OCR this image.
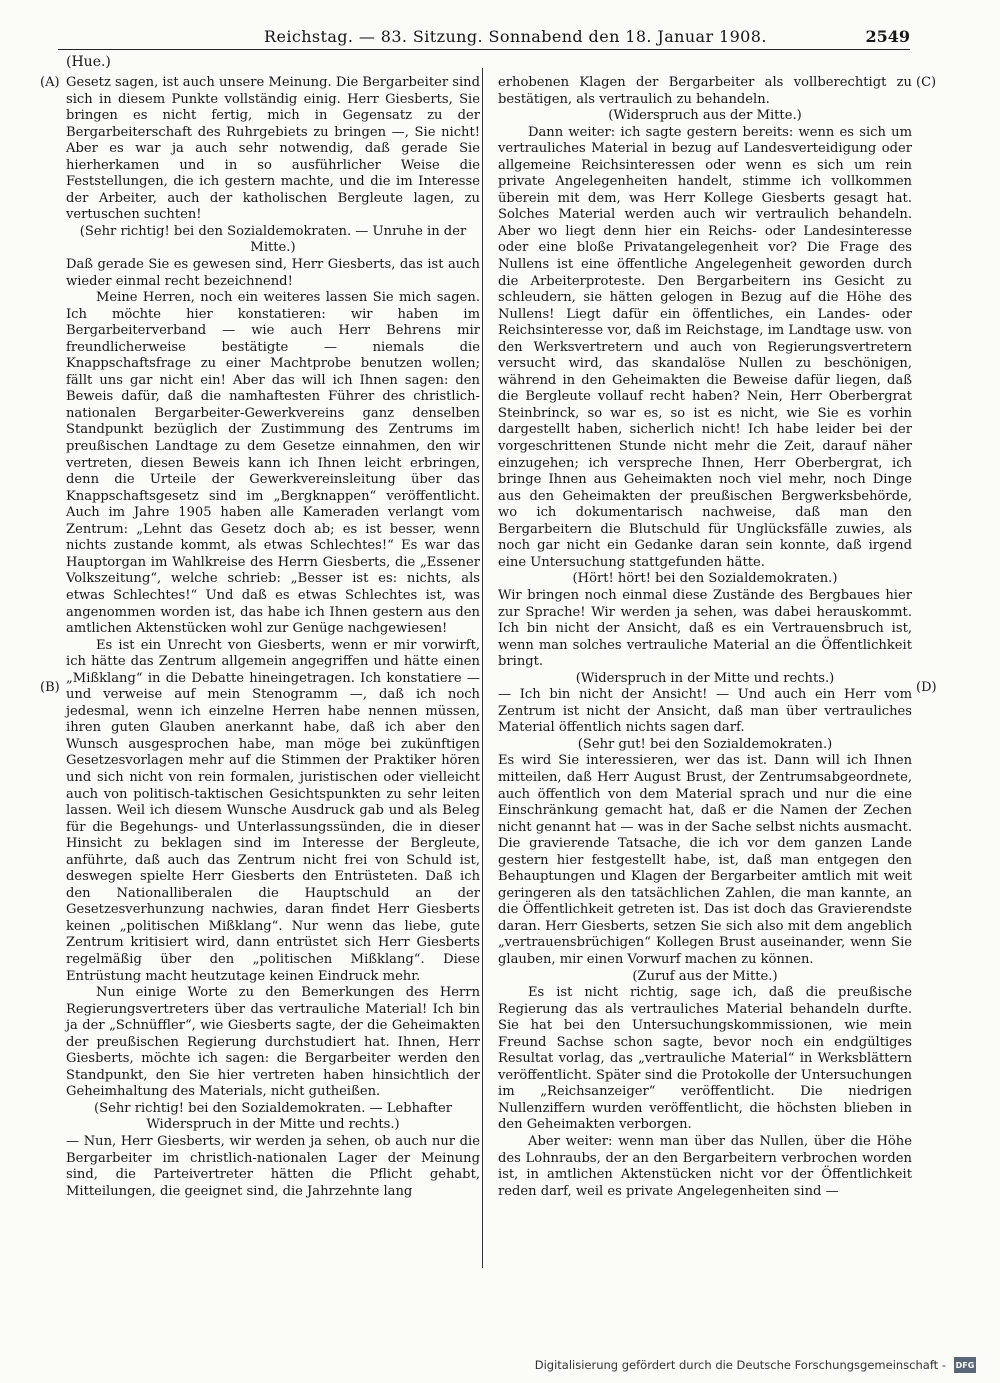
Reichstag. — 83. Sitzung. Sonnabend den 18. Januar 1908.	2549
(Hue.)
(A)
(B)
(C)
(D)

Gesetz sagen, ist auch unsere Meinung. Die Bergarbeiter sind sich in diesem Punkte vollständig einig. Herr Giesberts, Sie bringen es nicht fertig, mich in Gegensatz zu der Bergarbeiterschaft des Ruhrgebiets zu bringen —, Sie nicht! Aber es war ja auch sehr notwendig, daß gerade Sie hierherkamen und in so ausführlicher Weise die Feststellungen, die ich gestern machte, und die im Interesse der Arbeiter, auch der katholischen Bergleute lagen, zu vertuschen suchten!

(Sehr richtig! bei den Sozialdemokraten. — Unruhe in der Mitte.)

Daß gerade Sie es gewesen sind, Herr Giesberts, das ist auch wieder einmal recht bezeichnend!

Meine Herren, noch ein weiteres lassen Sie mich sagen. Ich möchte hier konstatieren: wir haben im Bergarbeiterverband — wie auch Herr Behrens mir freundlicherweise bestätigte — niemals die Knappschaftsfrage zu einer Machtprobe benutzen wollen; fällt uns gar nicht ein! Aber das will ich Ihnen sagen: den Beweis dafür, daß die namhaftesten Führer des christlich-nationalen Bergarbeiter-Gewerkvereins ganz denselben Standpunkt bezüglich der Zustimmung des Zentrums im preußischen Landtage zu dem Gesetze einnahmen, den wir vertreten, diesen Beweis kann ich Ihnen leicht erbringen, denn die Urteile der Gewerkvereinsleitung über das Knappschaftsgesetz sind im „Bergknappen“ veröffentlicht. Auch im Jahre 1905 haben alle Kameraden verlangt vom Zentrum: „Lehnt das Gesetz doch ab; es ist besser, wenn nichts zustande kommt, als etwas Schlechtes!“ Es war das Hauptorgan im Wahlkreise des Herrn Giesberts, die „Essener Volkszeitung“, welche schrieb: „Besser ist es: nichts, als etwas Schlechtes!“ Und daß es etwas Schlechtes ist, was angenommen worden ist, das habe ich Ihnen gestern aus den amtlichen Aktenstücken wohl zur Genüge nachgewiesen!

Es ist ein Unrecht von Giesberts, wenn er mir vorwirft, ich hätte das Zentrum allgemein angegriffen und hätte einen „Mißklang“ in die Debatte hineingetragen. Ich konstatiere — und verweise auf mein Stenogramm —, daß ich noch jedesmal, wenn ich einzelne Herren habe nennen müssen, ihren guten Glauben anerkannt habe, daß ich aber den Wunsch ausgesprochen habe, man möge bei zukünftigen Gesetzesvorlagen mehr auf die Stimmen der Praktiker hören und sich nicht von rein formalen, juristischen oder vielleicht auch von politisch-taktischen Gesichtspunkten zu sehr leiten lassen. Weil ich diesem Wunsche Ausdruck gab und als Beleg für die Begehungs- und Unterlassungssünden, die in dieser Hinsicht zu beklagen sind im Interesse der Bergleute, anführte, daß auch das Zentrum nicht frei von Schuld ist, deswegen spielte Herr Giesberts den Entrüsteten. Daß ich den Nationalliberalen die Hauptschuld an der Gesetzesverhunzung nachwies, daran findet Herr Giesberts keinen „politischen Mißklang“. Nur wenn das liebe, gute Zentrum kritisiert wird, dann entrüstet sich Herr Giesberts regelmäßig über den „politischen Mißklang“. Diese Entrüstung macht heutzutage keinen Eindruck mehr.

Nun einige Worte zu den Bemerkungen des Herrn Regierungsvertreters über das vertrauliche Material! Ich bin ja der „Schnüffler“, wie Giesberts sagte, der die Geheimakten der preußischen Regierung durchstudiert hat. Ihnen, Herr Giesberts, möchte ich sagen: die Bergarbeiter werden den Standpunkt, den Sie hier vertreten haben hinsichtlich der Geheimhaltung des Materials, nicht gutheißen.

(Sehr richtig! bei den Sozialdemokraten. — Lebhafter Widerspruch in der Mitte und rechts.)

— Nun, Herr Giesberts, wir werden ja sehen, ob auch nur die Bergarbeiter im christlich-nationalen Lager der Meinung sind, die Parteivertreter hätten die Pflicht gehabt, Mitteilungen, die geeignet sind, die Jahrzehnte lang

erhobenen Klagen der Bergarbeiter als vollberechtigt zu bestätigen, als vertraulich zu behandeln.

(Widerspruch aus der Mitte.)

Dann weiter: ich sagte gestern bereits: wenn es sich um vertrauliches Material in bezug auf Landesverteidigung oder allgemeine Reichsinteressen oder wenn es sich um rein private Angelegenheiten handelt, stimme ich vollkommen überein mit dem, was Herr Kollege Giesberts gesagt hat. Solches Material werden auch wir vertraulich behandeln. Aber wo liegt denn hier ein Reichs- oder Landesinteresse oder eine bloße Privatangelegenheit vor? Die Frage des Nullens ist eine öffentliche Angelegenheit geworden durch die Arbeiterproteste. Den Bergarbeitern ins Gesicht zu schleudern, sie hätten gelogen in Bezug auf die Höhe des Nullens! Liegt dafür ein öffentliches, ein Landes- oder Reichsinteresse vor, daß im Reichstage, im Landtage usw. von den Werksvertretern und auch von Regierungsvertretern versucht wird, das skandalöse Nullen zu beschönigen, während in den Geheimakten die Beweise dafür liegen, daß die Bergleute vollauf recht haben? Nein, Herr Oberbergrat Steinbrinck, so war es, so ist es nicht, wie Sie es vorhin dargestellt haben, sicherlich nicht! Ich habe leider bei der vorgeschrittenen Stunde nicht mehr die Zeit, darauf näher einzugehen; ich verspreche Ihnen, Herr Oberbergrat, ich bringe Ihnen aus Geheimakten noch viel mehr, noch Dinge aus den Geheimakten der preußischen Bergwerksbehörde, wo ich dokumentarisch nachweise, daß man den Bergarbeitern die Blutschuld für Unglücksfälle zuwies, als noch gar nicht ein Gedanke daran sein konnte, daß irgend eine Untersuchung stattgefunden hätte.

(Hört! hört! bei den Sozialdemokraten.)

Wir bringen noch einmal diese Zustände des Bergbaues hier zur Sprache! Wir werden ja sehen, was dabei herauskommt. Ich bin nicht der Ansicht, daß es ein Vertrauensbruch ist, wenn man solches vertrauliche Material an die Öffentlichkeit bringt.

(Widerspruch in der Mitte und rechts.)

— Ich bin nicht der Ansicht! — Und auch ein Herr vom Zentrum ist nicht der Ansicht, daß man über vertrauliches Material öffentlich nichts sagen darf.

(Sehr gut! bei den Sozialdemokraten.)

Es wird Sie interessieren, wer das ist. Dann will ich Ihnen mitteilen, daß Herr August Brust, der Zentrumsabgeordnete, auch öffentlich von dem Material sprach und nur die eine Einschränkung gemacht hat, daß er die Namen der Zechen nicht genannt hat — was in der Sache selbst nichts ausmacht. Die gravierende Tatsache, die ich vor dem ganzen Lande gestern hier festgestellt habe, ist, daß man entgegen den Behauptungen und Klagen der Bergarbeiter amtlich mit weit geringeren als den tatsächlichen Zahlen, die man kannte, an die Öffentlichkeit getreten ist. Das ist doch das Gravierendste daran. Herr Giesberts, setzen Sie sich also mit dem angeblich „vertrauensbrüchigen“ Kollegen Brust auseinander, wenn Sie glauben, mir einen Vorwurf machen zu können.

(Zuruf aus der Mitte.)

Es ist nicht richtig, sage ich, daß die preußische Regierung das als vertrauliches Material behandeln durfte. Sie hat bei den Untersuchungskommissionen, wie mein Freund Sachse schon sagte, bevor noch ein endgültiges Resultat vorlag, das „vertrauliche Material“ in Werksblättern veröffentlicht. Später sind die Protokolle der Untersuchungen im „Reichsanzeiger“ veröffentlicht. Die niedrigen Nullenziffern wurden veröffentlicht, die höchsten blieben in den Geheimakten verborgen.

Aber weiter: wenn man über das Nullen, über die Höhe des Lohnraubs, der an den Bergarbeitern verbrochen worden ist, in amtlichen Aktenstücken nicht vor der Öffentlichkeit reden darf, weil es private Angelegenheiten sind —

Digitalisierung gefördert durch die Deutsche Forschungsgemeinschaft - DFG
